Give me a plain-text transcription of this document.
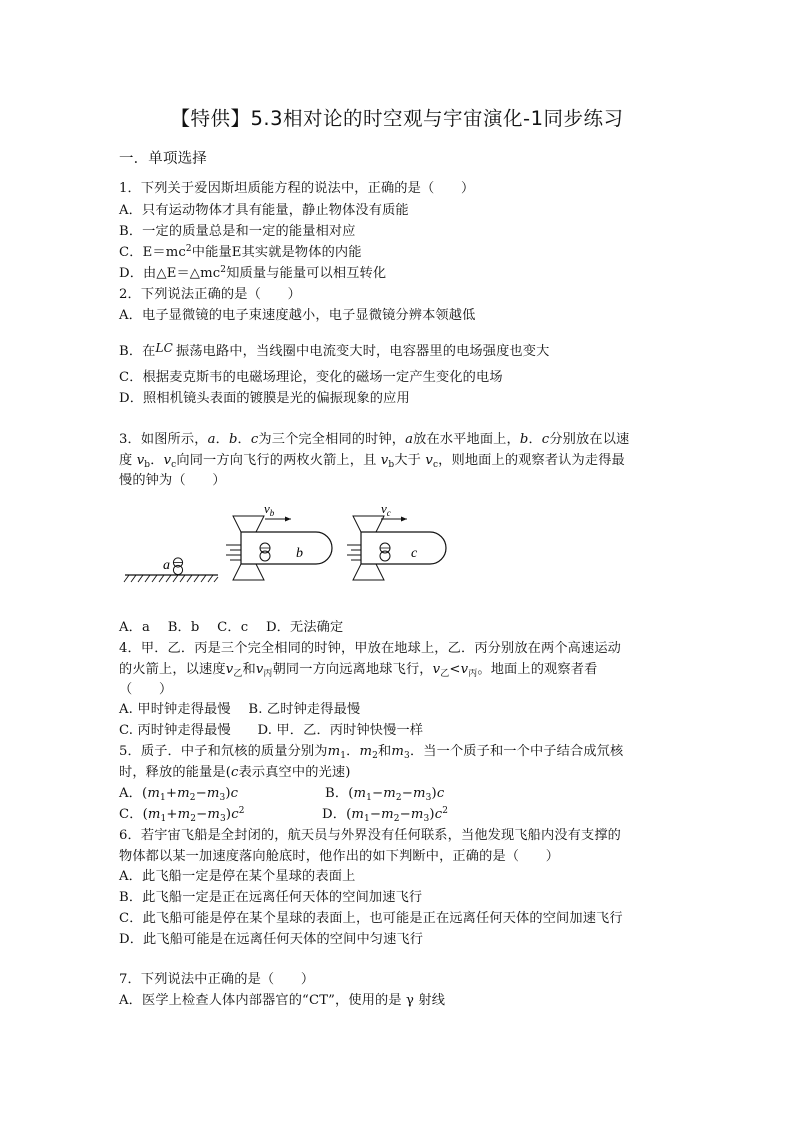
【特供】5.3相对论的时空观与宇宙演化-1同步练习
一．单项选择
1．下列关于爱因斯坦质能方程的说法中，正确的是（　　）
A．只有运动物体才具有能量，静止物体没有质能
B．一定的质量总是和一定的能量相对应
C．$E=mc^2$中能量E其实就是物体的内能
D．由$\triangle E=\triangle mc^2$知质量与能量可以相互转化
2．下列说法正确的是（　　）
A．电子显微镜的电子束速度越小，电子显微镜分辨本领越低
B．在LC 振荡电路中，当线圈中电流变大时，电容器里的电场强度也变大
C．根据麦克斯韦的电磁场理论，变化的磁场一定产生变化的电场
D．照相机镜头表面的镀膜是光的偏振现象的应用
3．如图所示，a．b．c为三个完全相同的时钟，a放在水平地面上，b．c分别放在以速
度 $v_b$．$v_c$向同一方向飞行的两枚火箭上，且 $v_b$大于 $v_c$，则地面上的观察者认为走得最
慢的钟为（　　）
a
$v_b$
b
$v_c$
c
A．a　 B．b　 C．c　 D．无法确定
4．甲．乙．丙是三个完全相同的时钟，甲放在地球上，乙．丙分别放在两个高速运动
的火箭上，以速度$v_乙$和$v_丙$朝同一方向远离地球飞行，$v_乙<v_丙$。地面上的观察者看
（　　）
A. 甲时钟走得最慢　 B. 乙时钟走得最慢
C. 丙时钟走得最慢　　D. 甲．乙．丙时钟快慢一样
5．质子．中子和氘核的质量分别为$m_1$．$m_2$和$m_3$．当一个质子和一个中子结合成氘核
时，释放的能量是(c表示真空中的光速)
A．$(m_1+m_2-m_3)c$	B．$(m_1-m_2-m_3)c$
C．$(m_1+m_2-m_3)c^2$	D．$(m_1-m_2-m_3)c^2$
6．若宇宙飞船是全封闭的，航天员与外界没有任何联系，当他发现飞船内没有支撑的
物体都以某一加速度落向舱底时，他作出的如下判断中，正确的是（　　）
A．此飞船一定是停在某个星球的表面上
B．此飞船一定是正在远离任何天体的空间加速飞行
C．此飞船可能是停在某个星球的表面上，也可能是正在远离任何天体的空间加速飞行
D．此飞船可能是在远离任何天体的空间中匀速飞行
7．下列说法中正确的是（　　）
A．医学上检查人体内部器官的“CT”，使用的是 γ 射线
